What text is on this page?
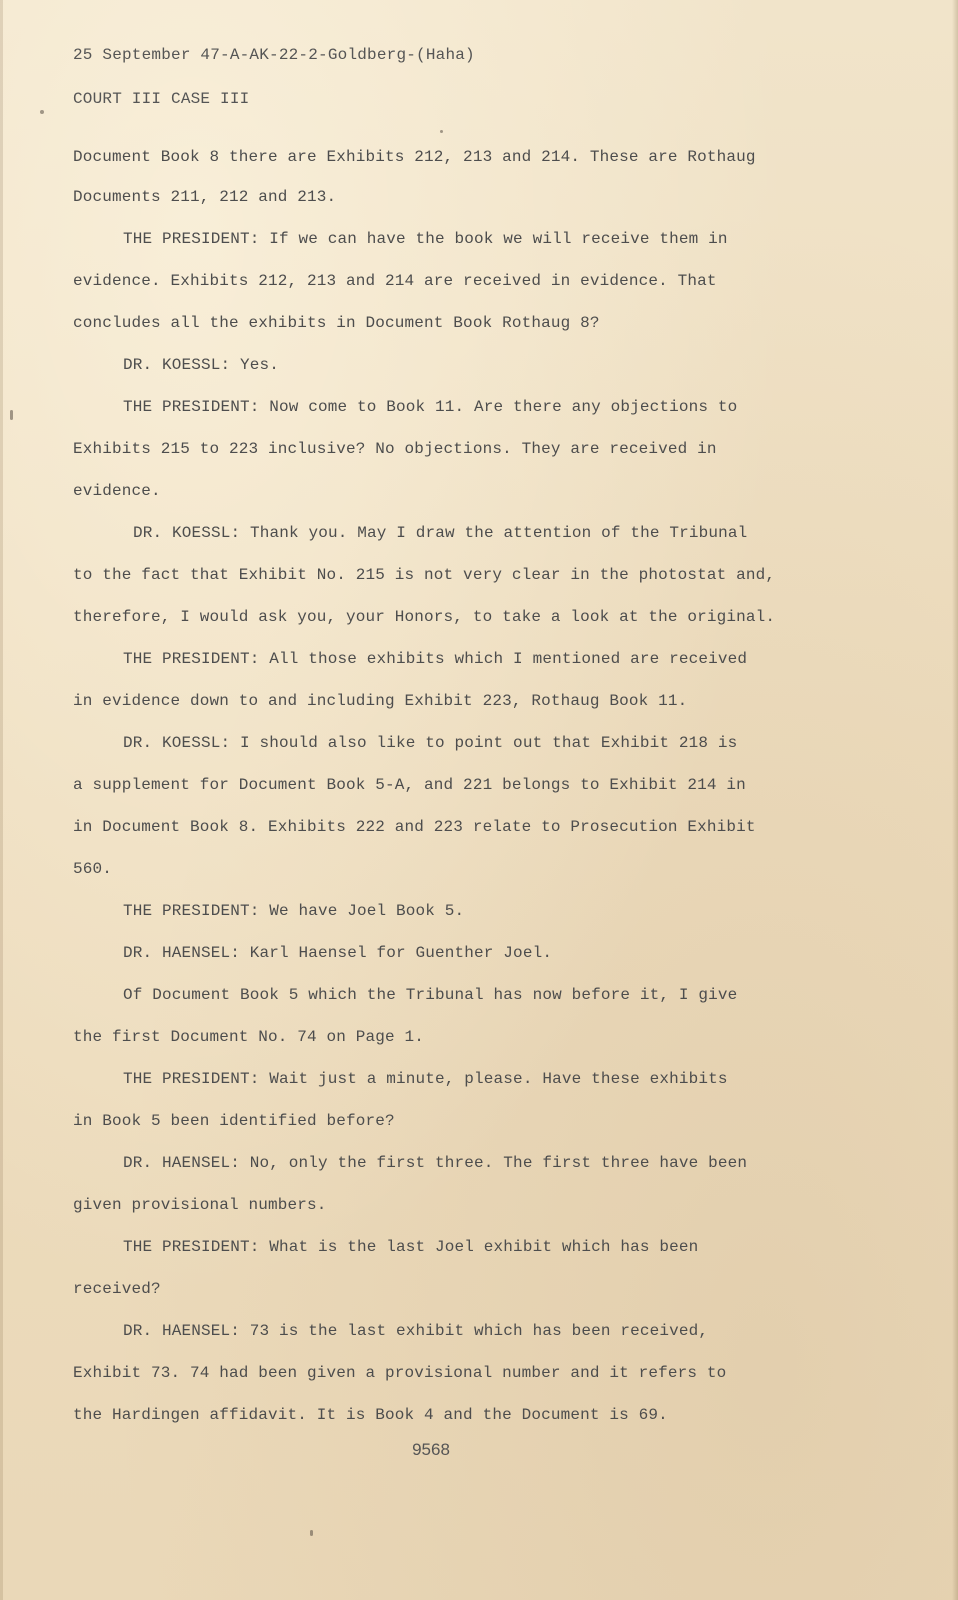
25 September 47-A-AK-22-2-Goldberg-(Haha)
COURT III CASE III
Document Book 8 there are Exhibits 212, 213 and 214. These are Rothaug
Documents 211, 212 and 213.
THE PRESIDENT: If we can have the book we will receive them in
evidence. Exhibits 212, 213 and 214 are received in evidence. That
concludes all the exhibits in Document Book Rothaug 8?
DR. KOESSL: Yes.
THE PRESIDENT: Now come to Book 11. Are there any objections to
Exhibits 215 to 223 inclusive? No objections. They are received in
evidence.
DR. KOESSL: Thank you. May I draw the attention of the Tribunal
to the fact that Exhibit No. 215 is not very clear in the photostat and,
therefore, I would ask you, your Honors, to take a look at the original.
THE PRESIDENT: All those exhibits which I mentioned are received
in evidence down to and including Exhibit 223, Rothaug Book 11.
DR. KOESSL: I should also like to point out that Exhibit 218 is
a supplement for Document Book 5-A, and 221 belongs to Exhibit 214 in
in Document Book 8. Exhibits 222 and 223 relate to Prosecution Exhibit
560.
THE PRESIDENT: We have Joel Book 5.
DR. HAENSEL: Karl Haensel for Guenther Joel.
Of Document Book 5 which the Tribunal has now before it, I give
the first Document No. 74 on Page 1.
THE PRESIDENT: Wait just a minute, please. Have these exhibits
in Book 5 been identified before?
DR. HAENSEL: No, only the first three. The first three have been
given provisional numbers.
THE PRESIDENT: What is the last Joel exhibit which has been
received?
DR. HAENSEL: 73 is the last exhibit which has been received,
Exhibit 73. 74 had been given a provisional number and it refers to
the Hardingen affidavit. It is Book 4 and the Document is 69.
9568
